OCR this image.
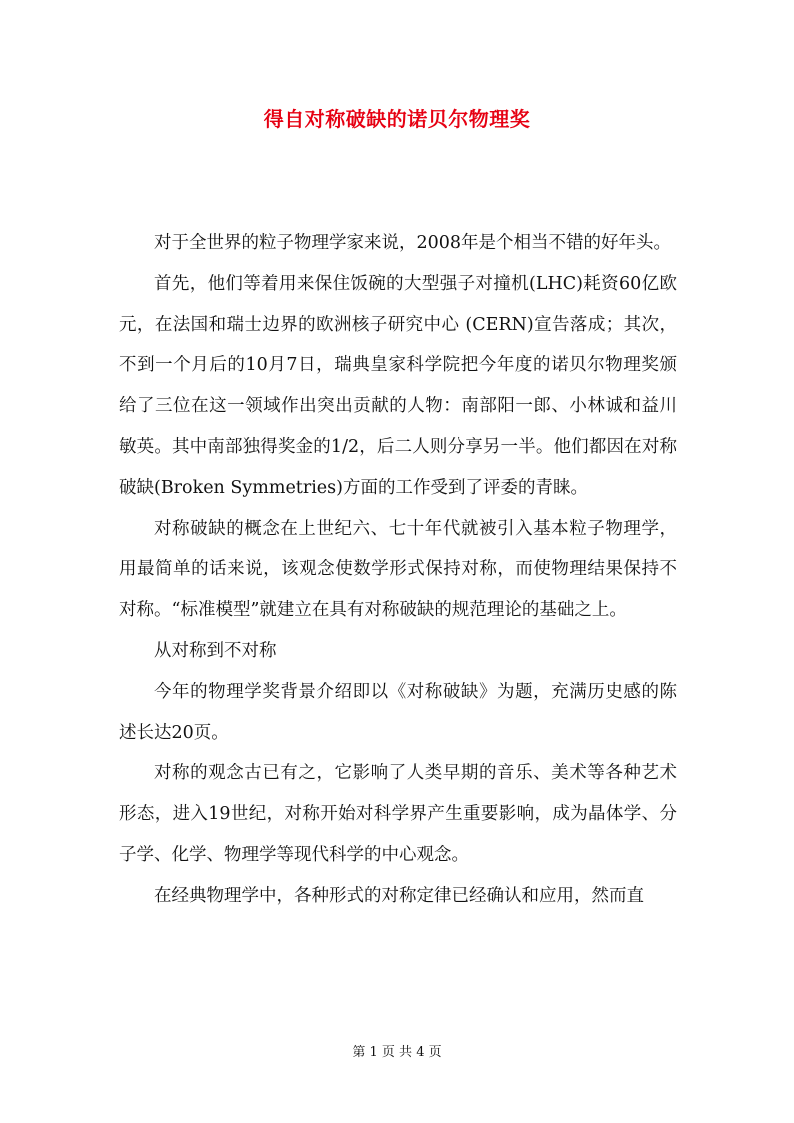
得自对称破缺的诺贝尔物理奖

对于全世界的粒子物理学家来说，2008年是个相当不错的好年头。

首先，他们等着用来保住饭碗的大型强子对撞机(LHC)耗资60亿欧元，在法国和瑞士边界的欧洲核子研究中心 (CERN)宣告落成；其次，不到一个月后的10月7日，瑞典皇家科学院把今年度的诺贝尔物理奖颁给了三位在这一领域作出突出贡献的人物：南部阳一郎、小林诚和益川敏英。其中南部独得奖金的1/2，后二人则分享另一半。他们都因在对称破缺(Broken Symmetries)方面的工作受到了评委的青睐。

对称破缺的概念在上世纪六、七十年代就被引入基本粒子物理学，用最简单的话来说，该观念使数学形式保持对称，而使物理结果保持不对称。“标准模型”就建立在具有对称破缺的规范理论的基础之上。

从对称到不对称

今年的物理学奖背景介绍即以《对称破缺》为题，充满历史感的陈述长达20页。

对称的观念古已有之，它影响了人类早期的音乐、美术等各种艺术形态，进入19世纪，对称开始对科学界产生重要影响，成为晶体学、分子学、化学、物理学等现代科学的中心观念。

在经典物理学中，各种形式的对称定律已经确认和应用，然而直

第 1 页 共 4 页
